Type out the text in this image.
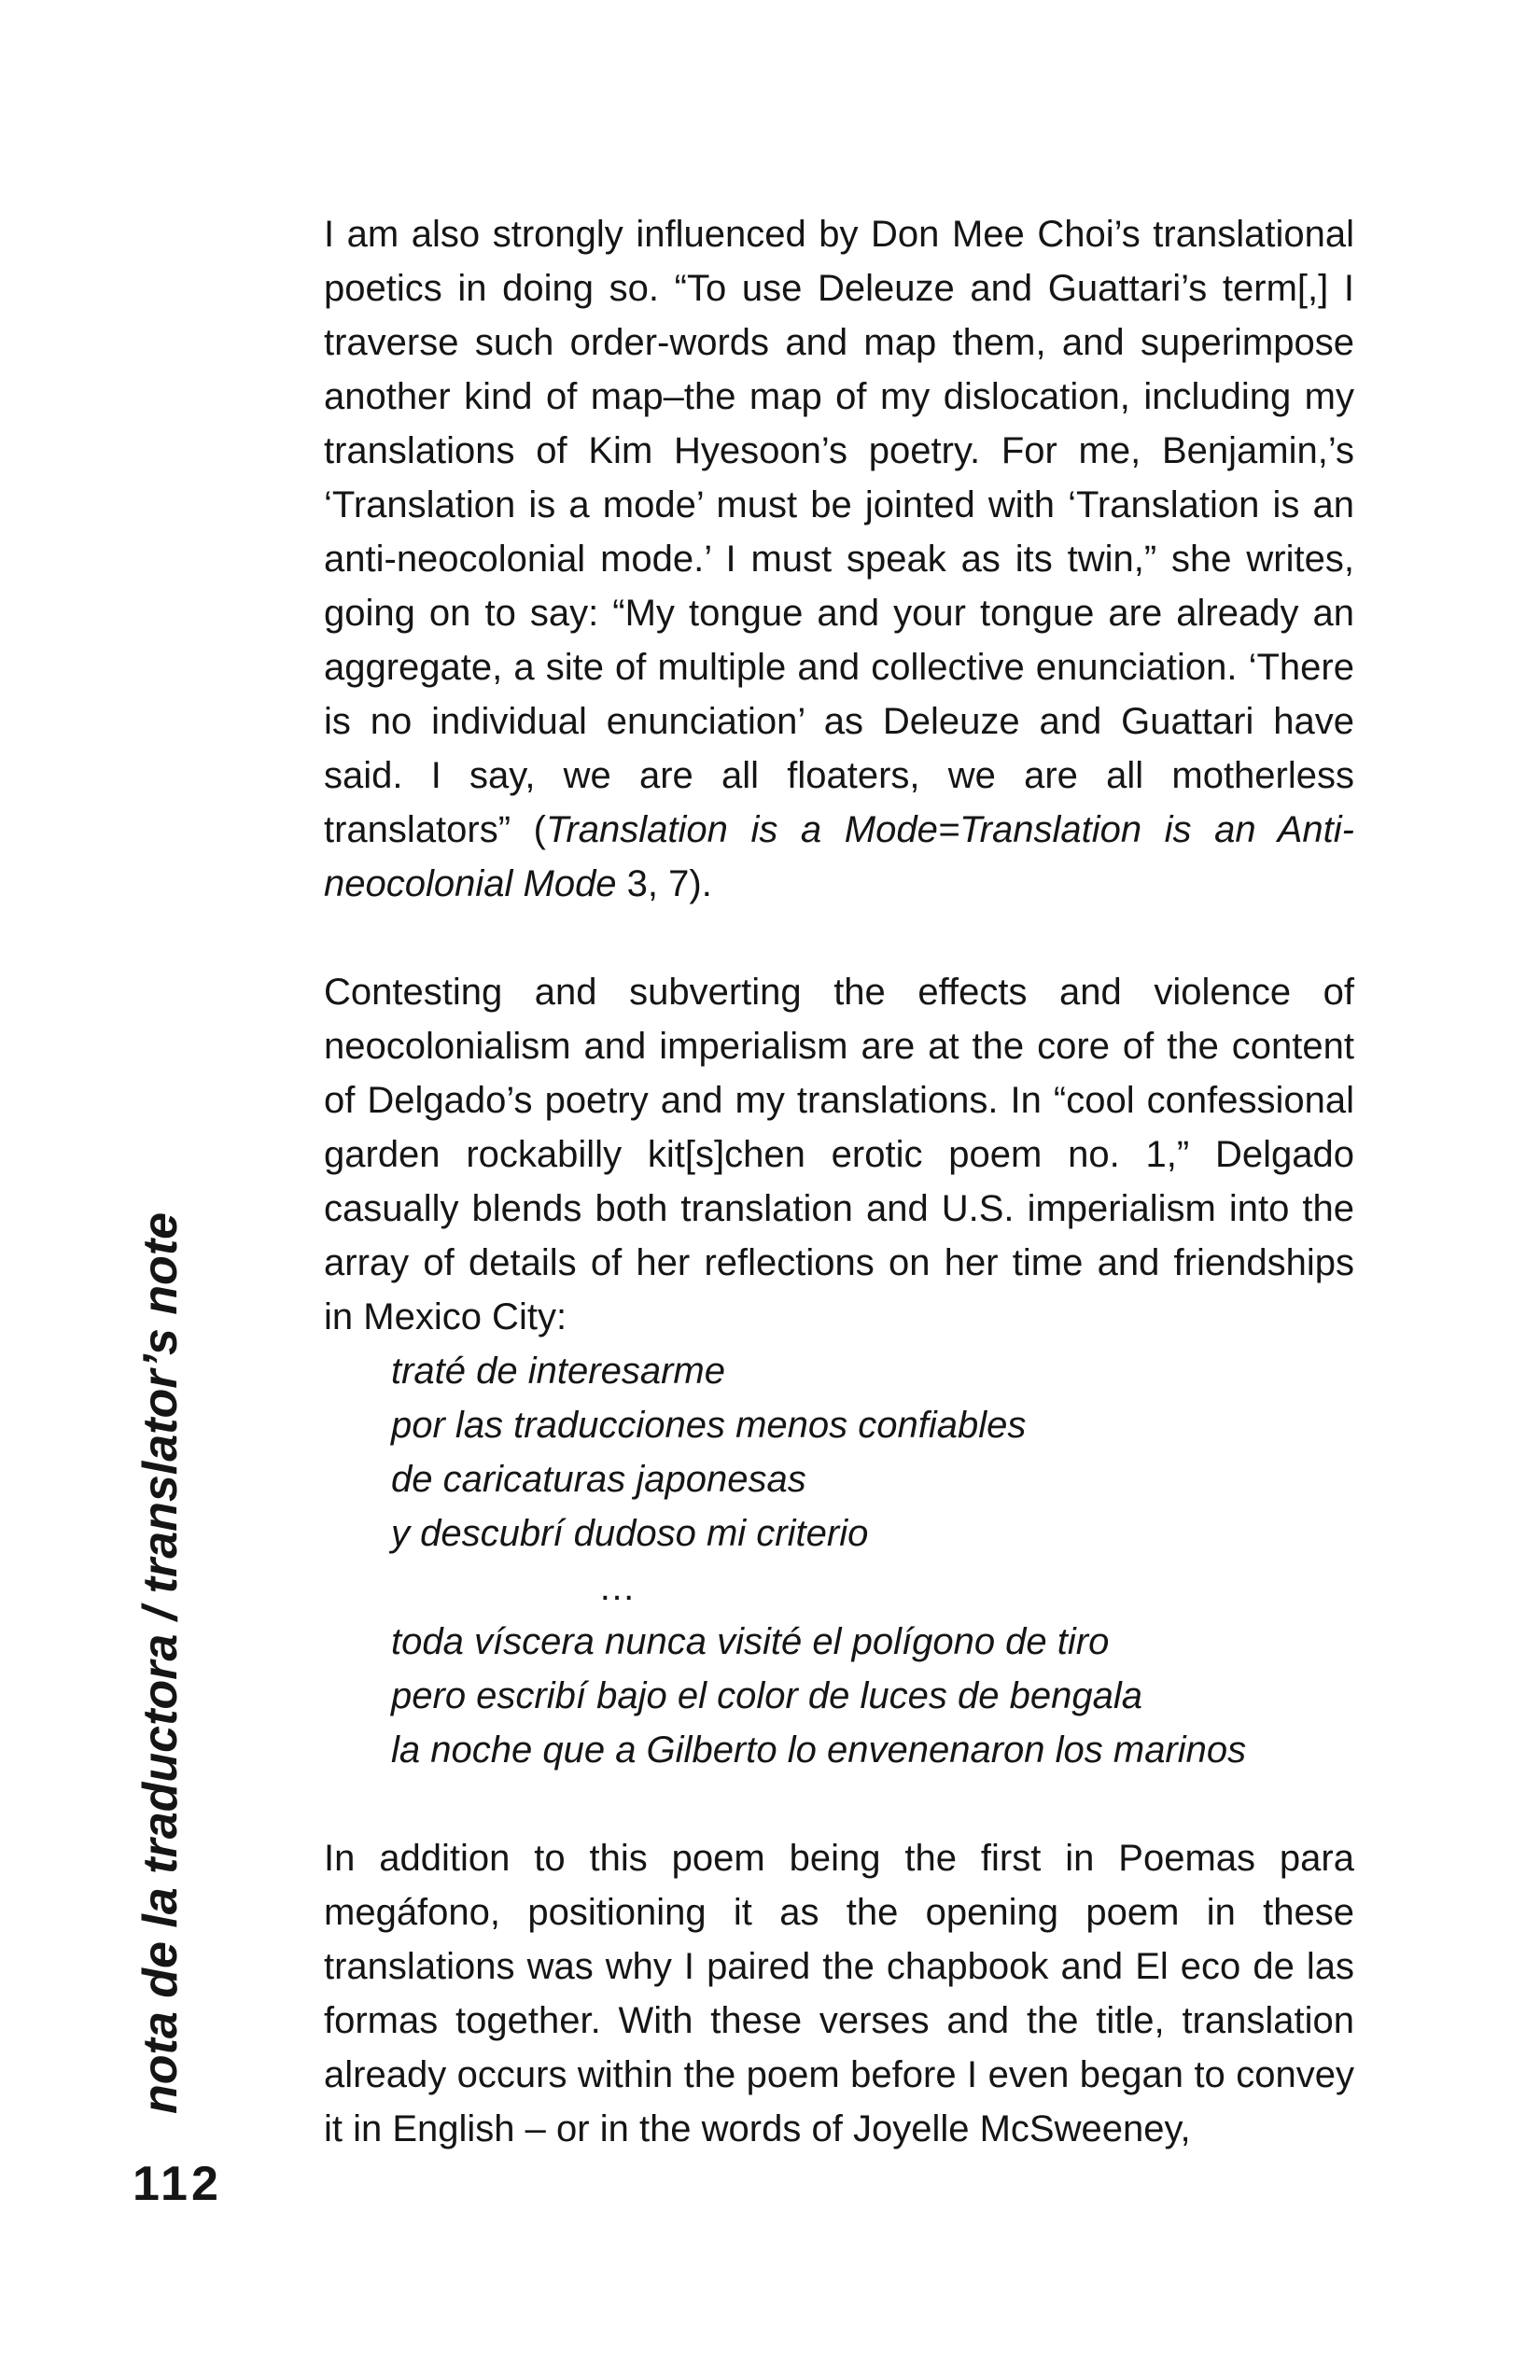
I am also strongly influenced by Don Mee Choi’s translational poetics in doing so. “To use Deleuze and Guattari’s term[,] I traverse such order-words and map them, and superimpose another kind of map–the map of my dislocation, including my translations of Kim Hyesoon’s poetry. For me, Benjamin,’s ‘Translation is a mode’ must be jointed with ‘Translation is an anti-neocolonial mode.’ I must speak as its twin,” she writes, going on to say: “My tongue and your tongue are already an aggregate, a site of multiple and collective enunciation. ‘There is no individual enunciation’ as Deleuze and Guattari have said. I say, we are all floaters, we are all motherless translators” (Translation is a Mode=Translation is an Anti-neocolonial Mode 3, 7).

Contesting and subverting the effects and violence of neocolonialism and imperialism are at the core of the content of Delgado’s poetry and my translations. In “cool confessional garden rockabilly kit[s]chen erotic poem no. 1,” Delgado casually blends both translation and U.S. imperialism into the array of details of her reflections on her time and friendships in Mexico City:

traté de interesarme
por las traducciones menos confiables
de caricaturas japonesas
y descubrí dudoso mi criterio
…
toda víscera nunca visité el polígono de tiro
pero escribí bajo el color de luces de bengala
la noche que a Gilberto lo envenenaron los marinos

In addition to this poem being the first in Poemas para megáfono, positioning it as the opening poem in these translations was why I paired the chapbook and El eco de las formas together. With these verses and the title, translation already occurs within the poem before I even began to convey it in English – or in the words of Joyelle McSweeney,

nota de la traductora / translator’s note
112
